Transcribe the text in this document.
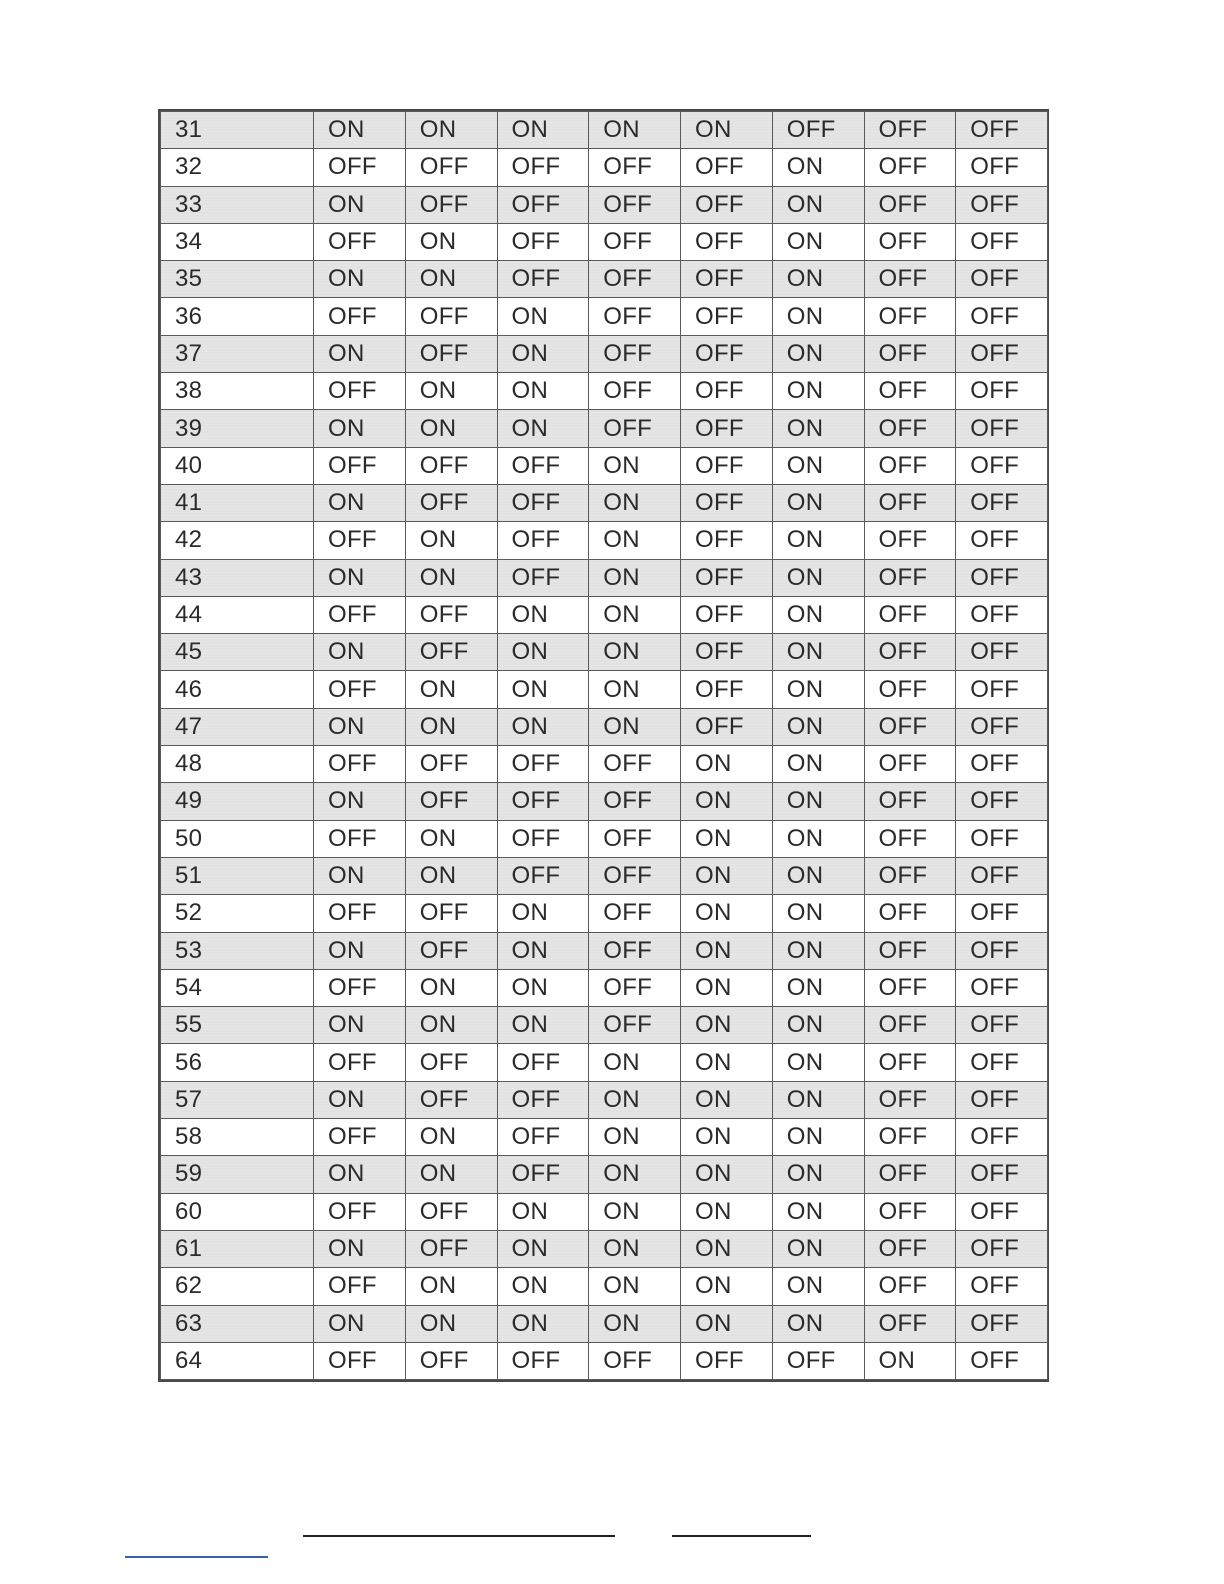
31	ON	ON	ON	ON	ON	OFF	OFF	OFF
32	OFF	OFF	OFF	OFF	OFF	ON	OFF	OFF
33	ON	OFF	OFF	OFF	OFF	ON	OFF	OFF
34	OFF	ON	OFF	OFF	OFF	ON	OFF	OFF
35	ON	ON	OFF	OFF	OFF	ON	OFF	OFF
36	OFF	OFF	ON	OFF	OFF	ON	OFF	OFF
37	ON	OFF	ON	OFF	OFF	ON	OFF	OFF
38	OFF	ON	ON	OFF	OFF	ON	OFF	OFF
39	ON	ON	ON	OFF	OFF	ON	OFF	OFF
40	OFF	OFF	OFF	ON	OFF	ON	OFF	OFF
41	ON	OFF	OFF	ON	OFF	ON	OFF	OFF
42	OFF	ON	OFF	ON	OFF	ON	OFF	OFF
43	ON	ON	OFF	ON	OFF	ON	OFF	OFF
44	OFF	OFF	ON	ON	OFF	ON	OFF	OFF
45	ON	OFF	ON	ON	OFF	ON	OFF	OFF
46	OFF	ON	ON	ON	OFF	ON	OFF	OFF
47	ON	ON	ON	ON	OFF	ON	OFF	OFF
48	OFF	OFF	OFF	OFF	ON	ON	OFF	OFF
49	ON	OFF	OFF	OFF	ON	ON	OFF	OFF
50	OFF	ON	OFF	OFF	ON	ON	OFF	OFF
51	ON	ON	OFF	OFF	ON	ON	OFF	OFF
52	OFF	OFF	ON	OFF	ON	ON	OFF	OFF
53	ON	OFF	ON	OFF	ON	ON	OFF	OFF
54	OFF	ON	ON	OFF	ON	ON	OFF	OFF
55	ON	ON	ON	OFF	ON	ON	OFF	OFF
56	OFF	OFF	OFF	ON	ON	ON	OFF	OFF
57	ON	OFF	OFF	ON	ON	ON	OFF	OFF
58	OFF	ON	OFF	ON	ON	ON	OFF	OFF
59	ON	ON	OFF	ON	ON	ON	OFF	OFF
60	OFF	OFF	ON	ON	ON	ON	OFF	OFF
61	ON	OFF	ON	ON	ON	ON	OFF	OFF
62	OFF	ON	ON	ON	ON	ON	OFF	OFF
63	ON	ON	ON	ON	ON	ON	OFF	OFF
64	OFF	OFF	OFF	OFF	OFF	OFF	ON	OFF
